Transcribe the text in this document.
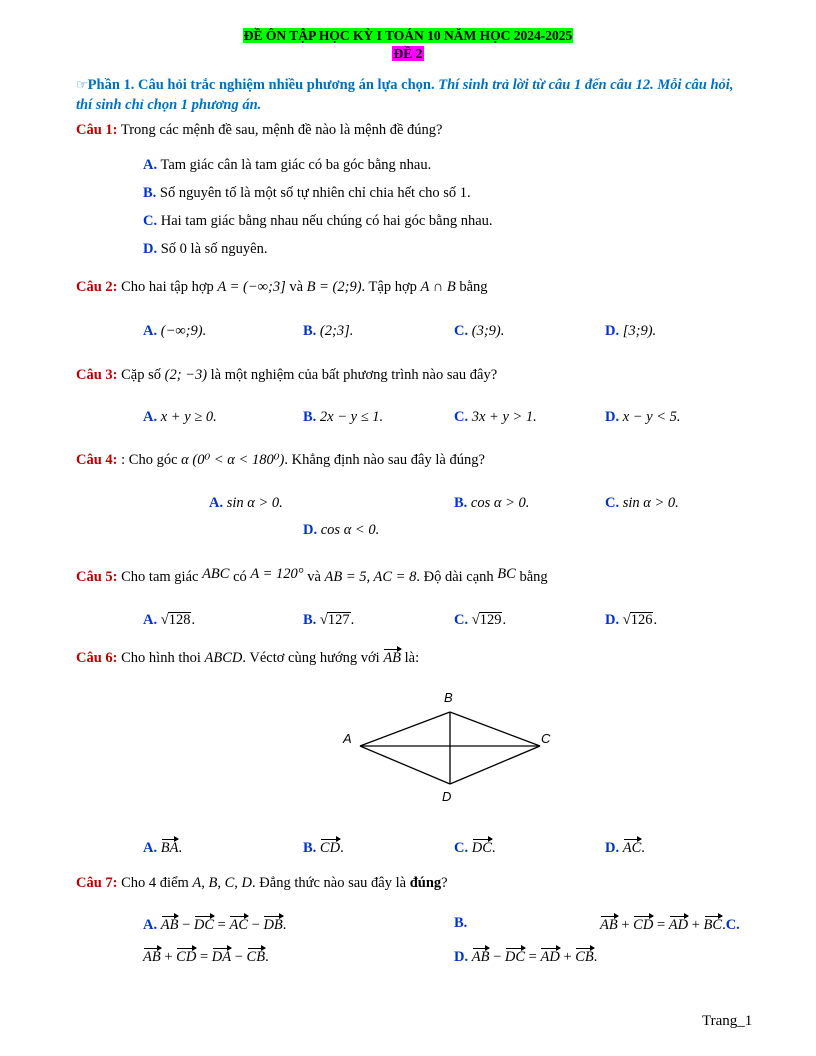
ĐỀ ÔN TẬP HỌC KỲ I TOÁN 10 NĂM HỌC 2024-2025
ĐỀ 2
☞Phần 1. Câu hỏi trắc nghiệm nhiều phương án lựa chọn. Thí sinh trả lời từ câu 1 đến câu 12. Mỗi câu hỏi,
thí sinh chỉ chọn 1 phương án.
Câu 1: Trong các mệnh đề sau, mệnh đề nào là mệnh đề đúng?
A. Tam giác cân là tam giác có ba góc bằng nhau.
B. Số nguyên tố là một số tự nhiên chỉ chia hết cho số 1.
C. Hai tam giác bằng nhau nếu chúng có hai góc bằng nhau.
D. Số 0 là số nguyên.
Câu 2: Cho hai tập hợp A = (−∞;3] và B = (2;9). Tập hợp A ∩ B bằng
A. (−∞;9).	B. (2;3].	C. (3;9).	D. [3;9).
Câu 3: Cặp số (2; −3) là một nghiệm của bất phương trình nào sau đây?
A. x + y ≥ 0.	B. 2x − y ≤ 1.	C. 3x + y > 1.	D. x − y < 5.
Câu 4: : Cho góc α (0⁰ < α < 180⁰). Khẳng định nào sau đây là đúng?
A. sin α > 0.	B. cos α > 0.	C. sin α > 0.
D. cos α < 0.
Câu 5: Cho tam giác ABC có A = 120° và AB = 5, AC = 8. Độ dài cạnh BC bằng
A. √128.	B. √127.	C. √129.	D. √126.
Câu 6: Cho hình thoi ABCD. Véctơ cùng hướng với AB là:
A
B
C
D
A. BA.	B. CD.	C. DC.	D. AC.
Câu 7: Cho 4 điểm A, B, C, D. Đẳng thức nào sau đây là đúng?
A. AB − DC = AC − DB.	B.	AB + CD = AD + BC.C.
AB + CD = DA − CB.	D. AB − DC = AD + CB.
Trang_1
